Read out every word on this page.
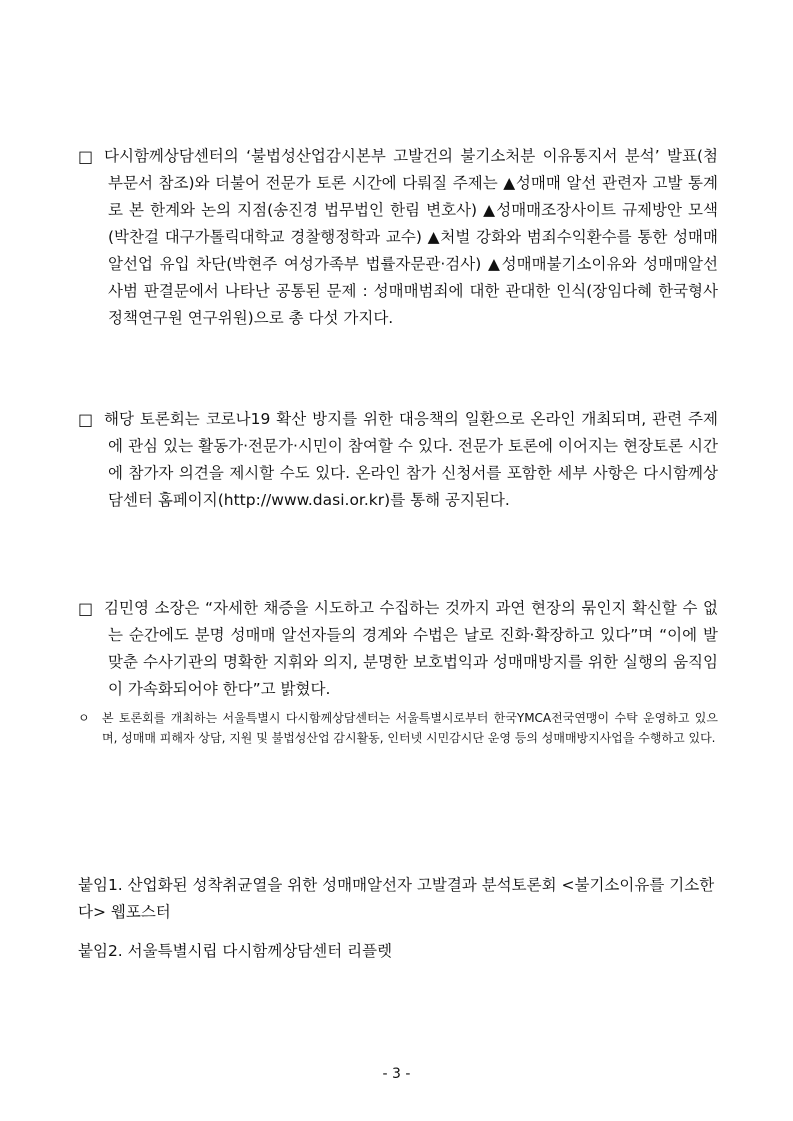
□ 다시함께상담센터의 ‘불법성산업감시본부 고발건의 불기소처분 이유통지서 분석’ 발표(첨부문서 참조)와 더불어 전문가 토론 시간에 다뤄질 주제는 ▲성매매 알선 관련자 고발 통계로 본 한계와 논의 지점(송진경 법무법인 한림 변호사) ▲성매매조장사이트 규제방안 모색(박찬걸 대구가톨릭대학교 경찰행정학과 교수) ▲처벌 강화와 범죄수익환수를 통한 성매매알선업 유입 차단(박현주 여성가족부 법률자문관·검사) ▲성매매불기소이유와 성매매알선사범 판결문에서 나타난 공통된 문제 : 성매매범죄에 대한 관대한 인식(장임다혜 한국형사정책연구원 연구위원)으로 총 다섯 가지다.
□ 해당 토론회는 코로나19 확산 방지를 위한 대응책의 일환으로 온라인 개최되며, 관련 주제에 관심 있는 활동가·전문가·시민이 참여할 수 있다. 전문가 토론에 이어지는 현장토론 시간에 참가자 의견을 제시할 수도 있다. 온라인 참가 신청서를 포함한 세부 사항은 다시함께상담센터 홈페이지(http://www.dasi.or.kr)를 통해 공지된다.
□ 김민영 소장은 “자세한 채증을 시도하고 수집하는 것까지 과연 현장의 묶인지 확신할 수 없는 순간에도 분명 성매매 알선자들의 경계와 수법은 날로 진화·확장하고 있다”며 “이에 발맞춘 수사기관의 명확한 지휘와 의지, 분명한 보호법익과 성매매방지를 위한 실행의 움직임이 가속화되어야 한다”고 밝혔다.
ㅇ 본 토론회를 개최하는 서울특별시 다시함께상담센터는 서울특별시로부터 한국YMCA전국연맹이 수탁 운영하고 있으며, 성매매 피해자 상담, 지원 및 불법성산업 감시활동, 인터넷 시민감시단 운영 등의 성매매방지사업을 수행하고 있다.
붙임1. 산업화된 성착취균열을 위한 성매매알선자 고발결과 분석토론회 <불기소이유를 기소한다> 웹포스터
붙임2. 서울특별시립 다시함께상담센터 리플렛
- 3 -
